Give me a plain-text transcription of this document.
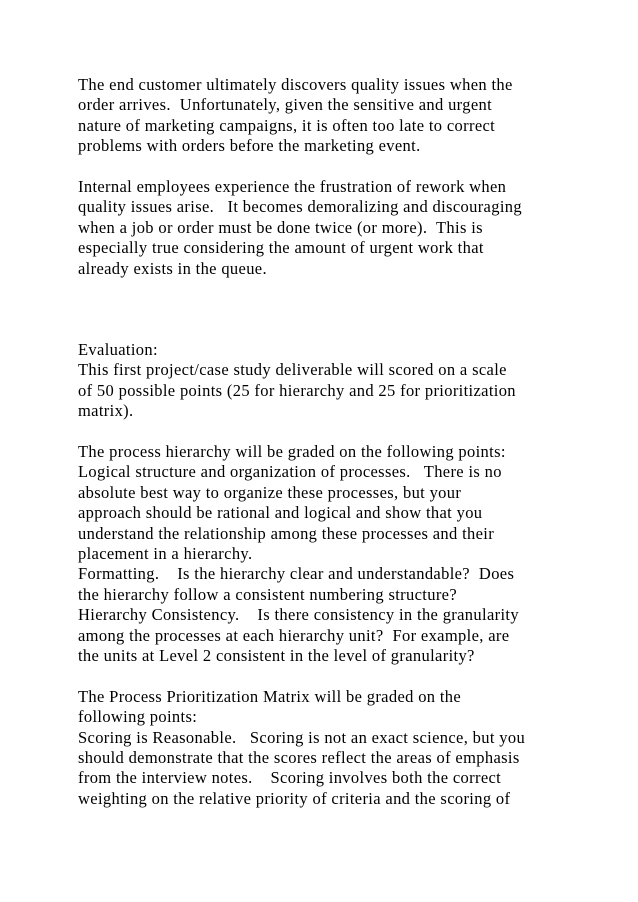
The end customer ultimately discovers quality issues when the
order arrives.  Unfortunately, given the sensitive and urgent
nature of marketing campaigns, it is often too late to correct
problems with orders before the marketing event.
Internal employees experience the frustration of rework when
quality issues arise.   It becomes demoralizing and discouraging
when a job or order must be done twice (or more).  This is
especially true considering the amount of urgent work that
already exists in the queue.
Evaluation:
This first project/case study deliverable will scored on a scale
of 50 possible points (25 for hierarchy and 25 for prioritization
matrix).
The process hierarchy will be graded on the following points:
Logical structure and organization of processes.   There is no
absolute best way to organize these processes, but your
approach should be rational and logical and show that you
understand the relationship among these processes and their
placement in a hierarchy.
Formatting.    Is the hierarchy clear and understandable?  Does
the hierarchy follow a consistent numbering structure?
Hierarchy Consistency.    Is there consistency in the granularity
among the processes at each hierarchy unit?  For example, are
the units at Level 2 consistent in the level of granularity?
The Process Prioritization Matrix will be graded on the
following points:
Scoring is Reasonable.   Scoring is not an exact science, but you
should demonstrate that the scores reflect the areas of emphasis
from the interview notes.    Scoring involves both the correct
weighting on the relative priority of criteria and the scoring of
